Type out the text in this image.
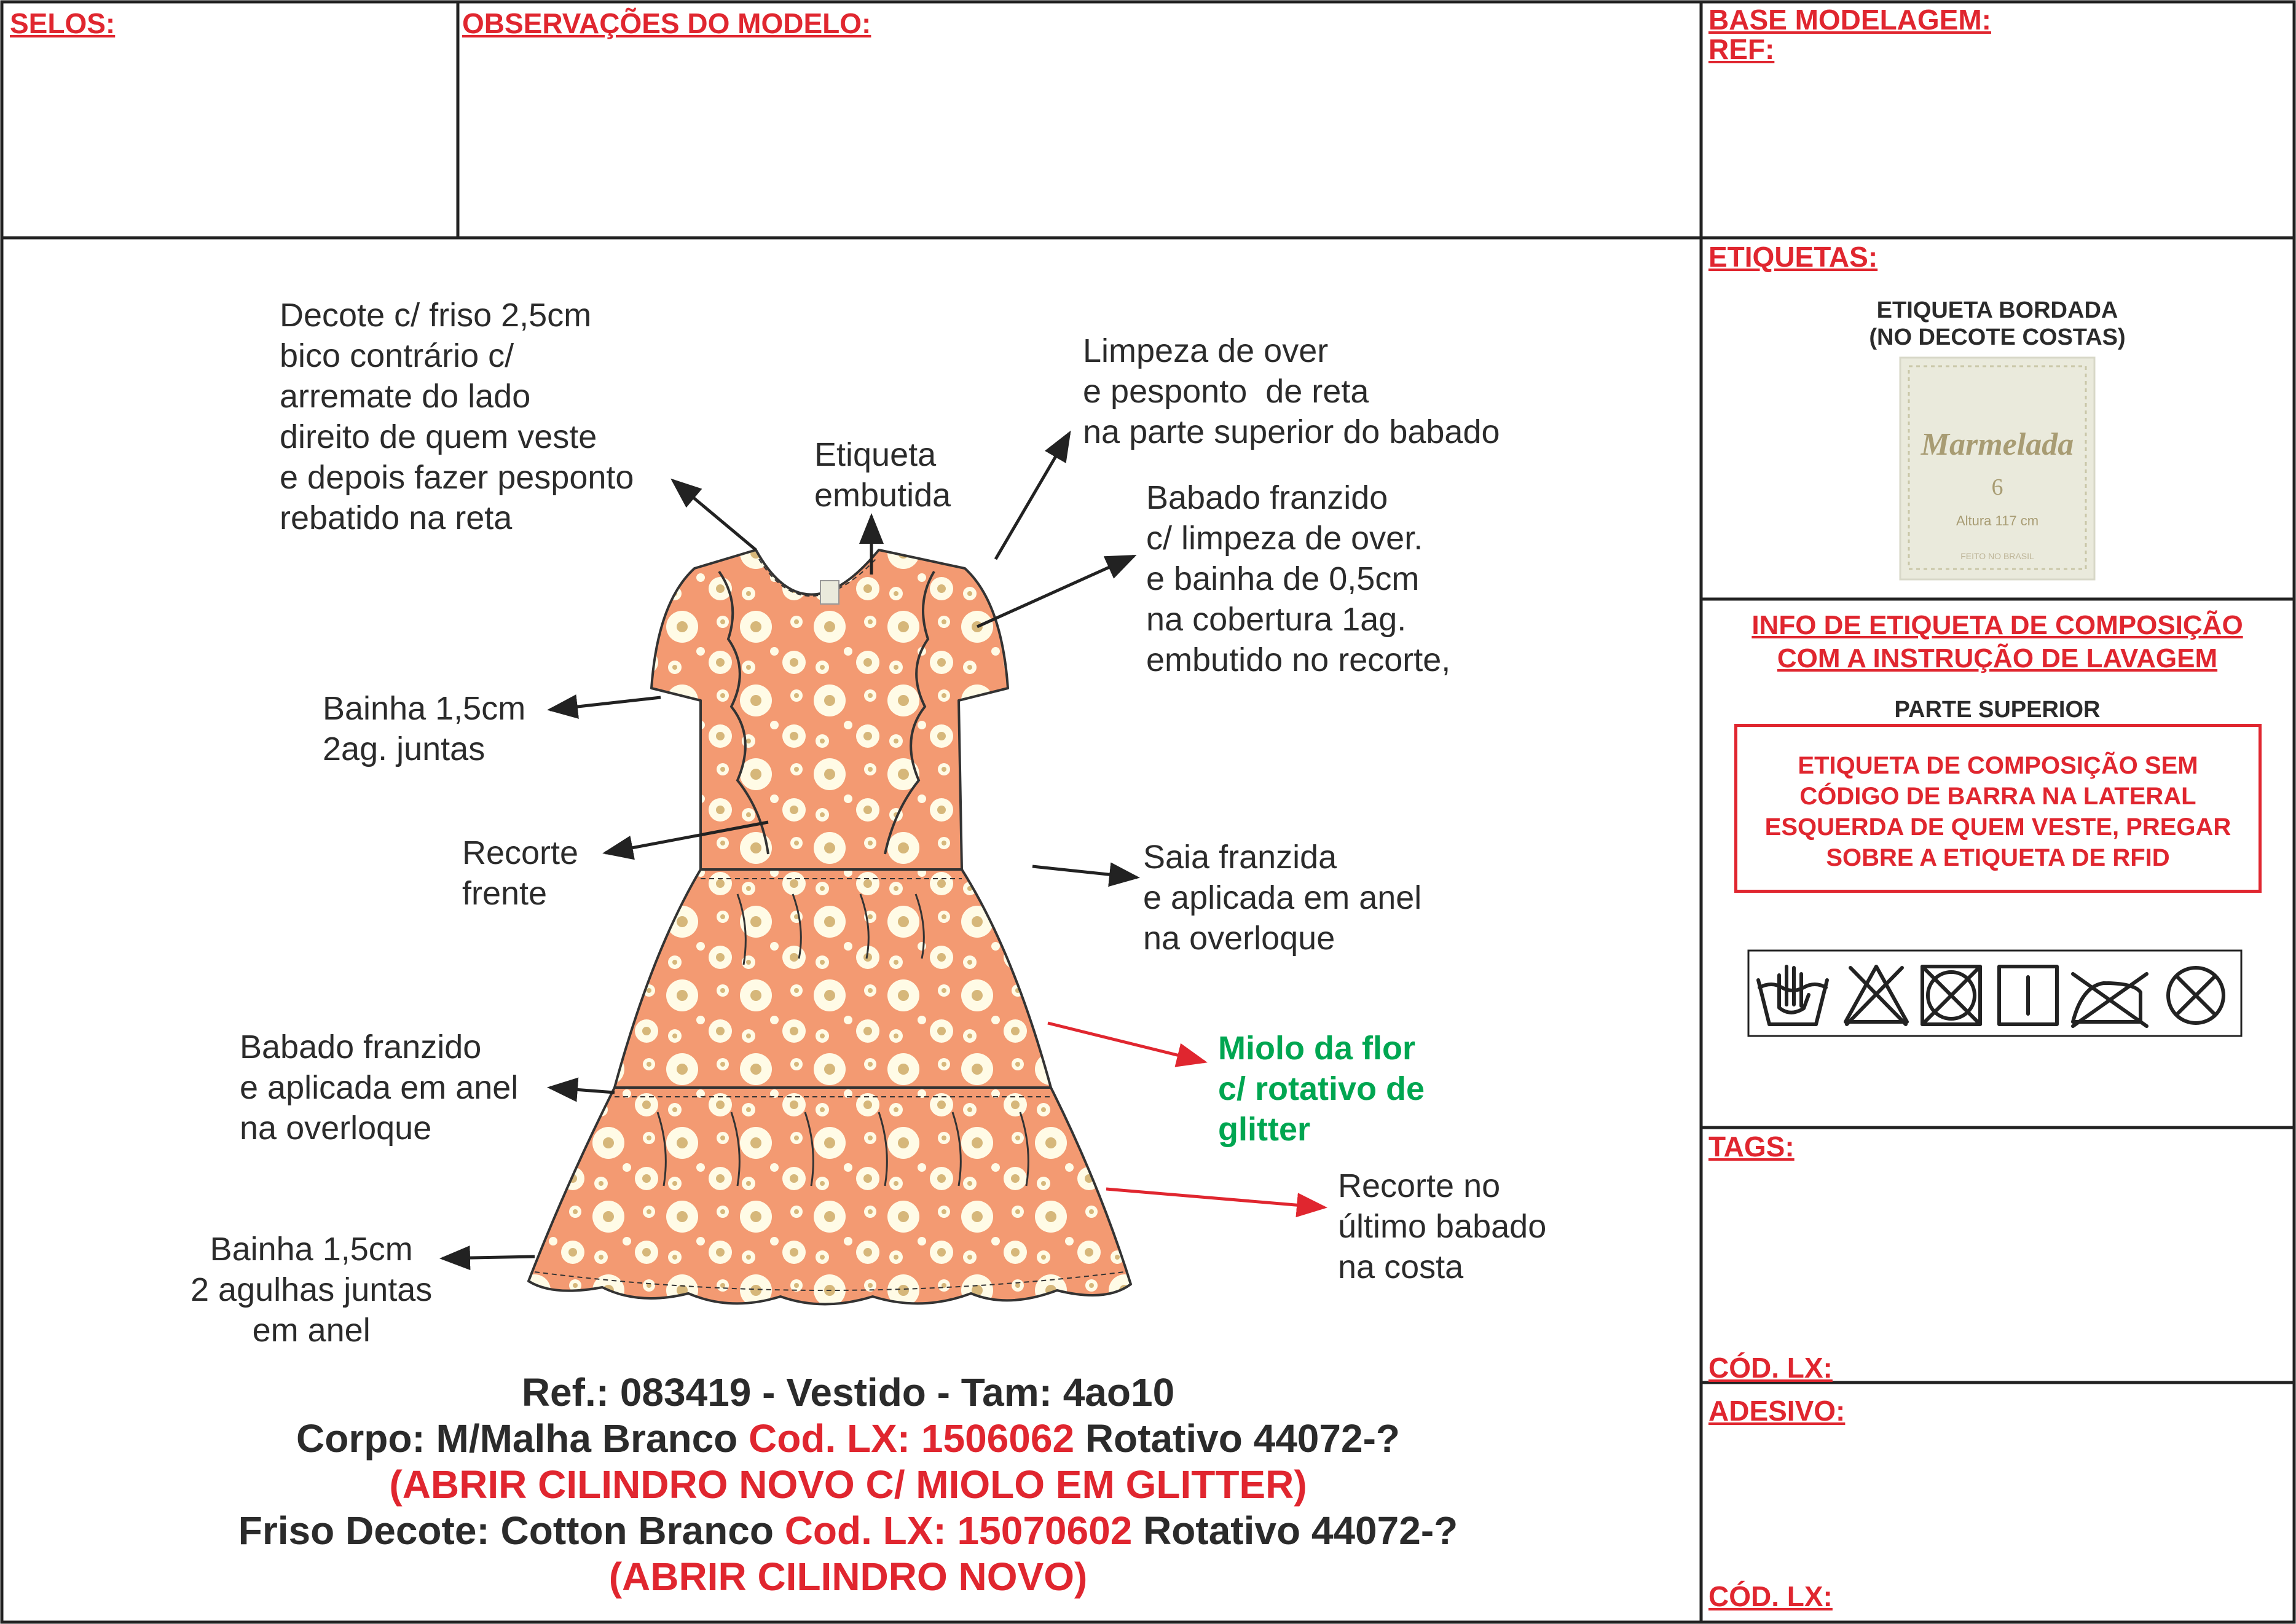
SELOS:	OBSERVAÇÕES DO MODELO:	BASE MODELAGEM:
REF:
ETIQUETAS:
ETIQUETA BORDADA
(NO DECOTE COSTAS)
Marmelada
6
Altura 117 cm
FEITO NO BRASIL
INFO DE ETIQUETA DE COMPOSIÇÃO
COM A INSTRUÇÃO DE LAVAGEM
PARTE SUPERIOR
ETIQUETA DE COMPOSIÇÃO SEM
CÓDIGO DE BARRA NA LATERAL
ESQUERDA DE QUEM VESTE, PREGAR
SOBRE A ETIQUETA DE RFID
TAGS:
CÓD. LX:
ADESIVO:
CÓD. LX:
Decote c/ friso 2,5cm
bico contrário c/
arremate do lado
direito de quem veste
e depois fazer pesponto
rebatido na reta
Etiqueta
embutida
Limpeza de over
e pesponto  de reta
na parte superior do babado
Babado franzido
c/ limpeza de over.
e bainha de 0,5cm
na cobertura 1ag.
embutido no recorte,
Bainha 1,5cm
2ag. juntas
Recorte
frente
Saia franzida
e aplicada em anel
na overloque
Babado franzido
e aplicada em anel
na overloque
Miolo da flor
c/ rotativo de
glitter
Recorte no
último babado
na costa
Bainha 1,5cm
2 agulhas juntas
em anel
Ref.: 083419 - Vestido - Tam: 4ao10
Corpo: M/Malha Branco Cod. LX: 1506062 Rotativo 44072-?
(ABRIR CILINDRO NOVO C/ MIOLO EM GLITTER)
Friso Decote: Cotton Branco Cod. LX: 15070602 Rotativo 44072-?
(ABRIR CILINDRO NOVO)
